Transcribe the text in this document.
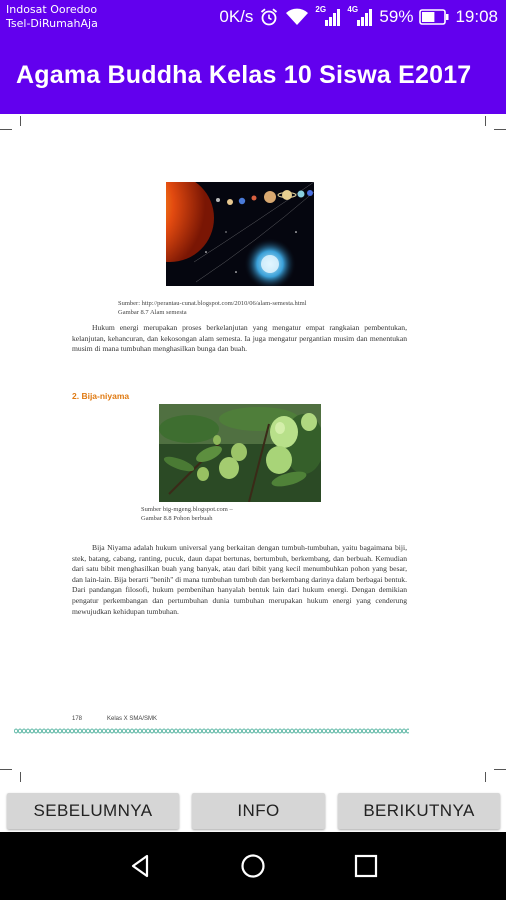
Indosat Ooredoo
Tsel-DiRumahAja	0K/s	2G	4G 59% 19:08
Agama Buddha Kelas 10 Siswa E2017
Sumber: http://perantau-cunat.blogspot.com/2010/06/alam-semesta.html
Gambar 8.7 Alam semesta

Hukum energi merupakan proses berkelanjutan yang mengatur empat rangkaian pembentukan, kelanjutan, kehancuran, dan kekosongan alam semesta. Ia juga mengatur pergantian musim dan menentukan musim di mana tumbuhan menghasilkan bunga dan buah.

2. Bija-niyama
Sumber big-mgeng.blogspot.com –
Gambar 8.8 Pohon berbuah

Bija Niyama adalah hukum universal yang berkaitan dengan tumbuh-tumbuhan, yaitu bagaimana biji, stek, batang, cabang, ranting, pucuk, daun dapat bertunas, bertumbuh, berkembang, dan berbuah. Kemudian dari satu bibit menghasilkan buah yang banyak, atau dari bibit yang kecil menumbuhkan pohon yang besar, dan lain-lain. Bija berarti "benih" di mana tumbuhan tumbuh dan berkembang darinya dalam berbagai bentuk. Dari pandangan filosofi, hukum pembenihan hanyalah bentuk lain dari hukum energi. Dengan demikian pengatur perkembangan dan pertumbuhan dunia tumbuhan merupakan hukum energi yang cenderung mewujudkan kehidupan tumbuhan.

178	Kelas X SMA/SMK
SEBELUMNYA	INFO	BERIKUTNYA
